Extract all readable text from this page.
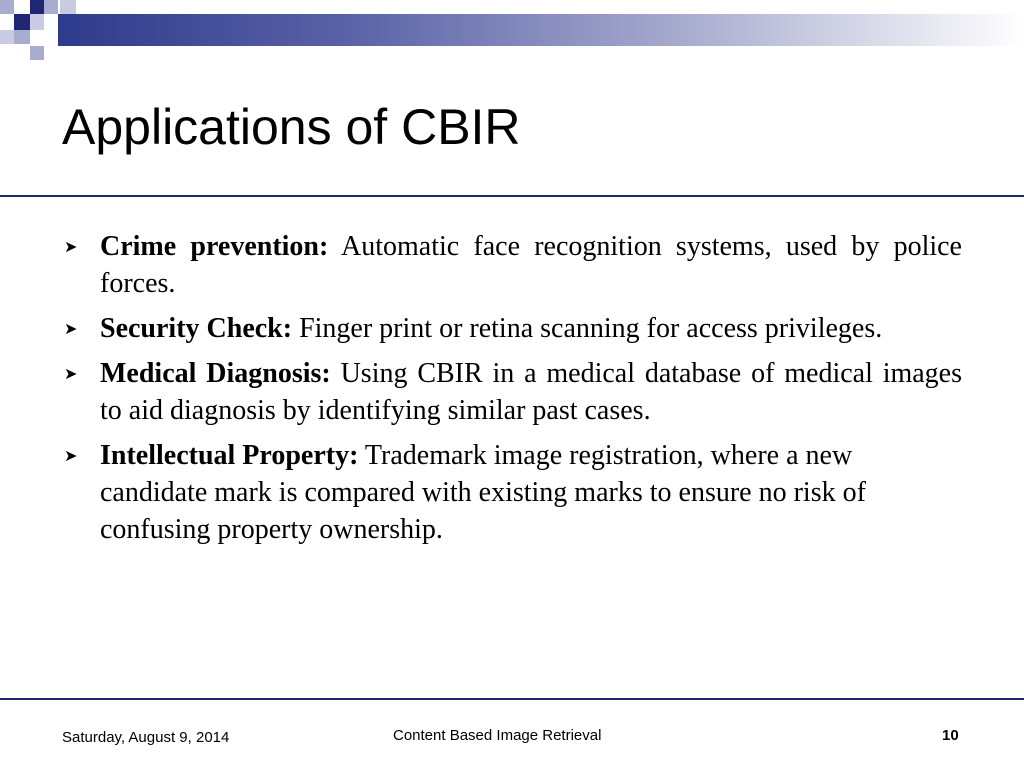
Applications of CBIR
➤ Crime prevention: Automatic face recognition systems, used by police forces.
➤ Security Check: Finger print or retina scanning for access privileges.
➤ Medical Diagnosis: Using CBIR in a medical database of medical images to aid diagnosis by identifying similar past cases.
➤ Intellectual Property: Trademark image registration, where a new candidate mark is compared with existing marks to ensure no risk of confusing property ownership.
Saturday, August 9, 2014	Content Based Image Retrieval	10
